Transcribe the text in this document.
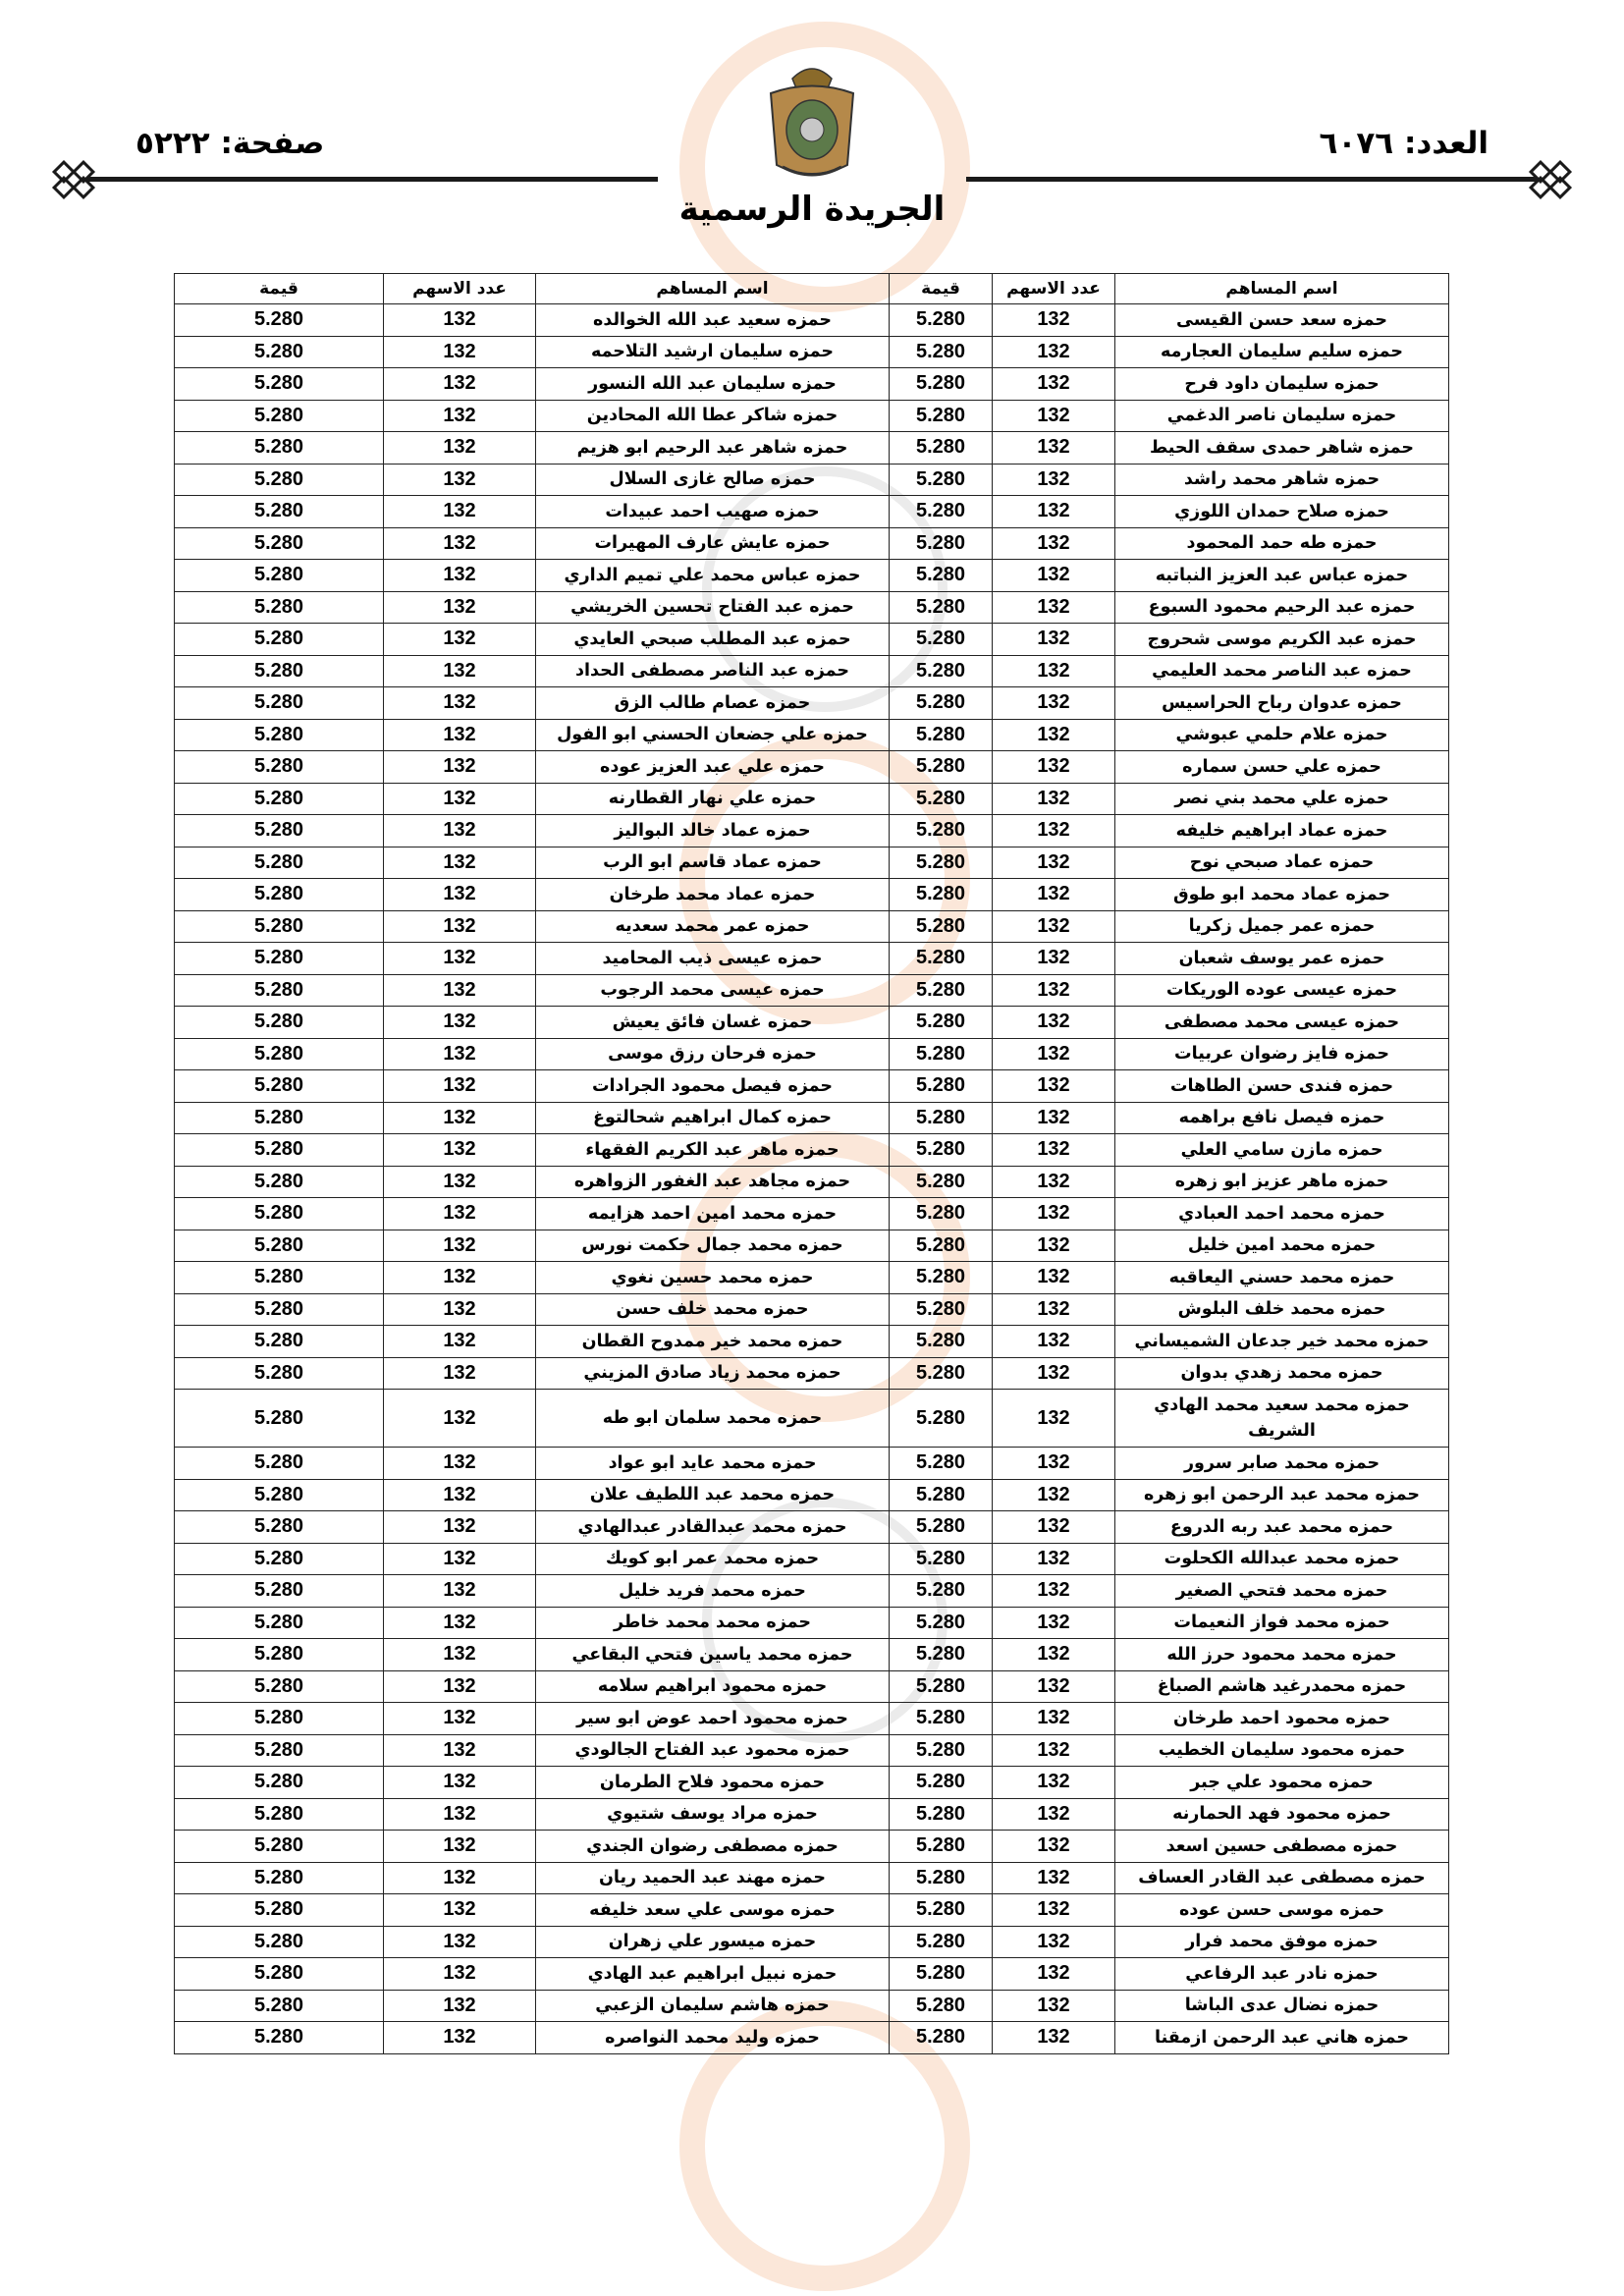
العدد: ٦٠٧٦
صفحة: ٥٢٢٢
الجريدة الرسمية
اسم المساهم	عدد الاسهم	قيمة	اسم المساهم	عدد الاسهم	قيمة
حمزه سعد حسن القيسى	132	5.280	حمزه سعيد عبد الله الخوالده	132	5.280
حمزه سليم سليمان العجارمه	132	5.280	حمزه سليمان ارشيد التلاحمه	132	5.280
حمزه سليمان داود فرح	132	5.280	حمزه سليمان عبد الله النسور	132	5.280
حمزه سليمان ناصر الدغمي	132	5.280	حمزه شاكر عطا الله المحادين	132	5.280
حمزه شاهر حمدى سقف الحيط	132	5.280	حمزه شاهر عبد الرحيم ابو هزيم	132	5.280
حمزه شاهر محمد راشد	132	5.280	حمزه صالح غازى السلال	132	5.280
حمزه صلاح حمدان اللوزي	132	5.280	حمزه صهيب احمد عبيدات	132	5.280
حمزه طه حمد المحمود	132	5.280	حمزه عايش عارف المهيرات	132	5.280
حمزه عباس عبد العزيز النباتبه	132	5.280	حمزه عباس محمد علي تميم الداري	132	5.280
حمزه عبد الرحيم محمود السبوع	132	5.280	حمزه عبد الفتاح تحسين الخريشي	132	5.280
حمزه عبد الكريم موسى شحروج	132	5.280	حمزه عبد المطلب صبحي العايدي	132	5.280
حمزه عبد الناصر محمد العليمي	132	5.280	حمزه عبد الناصر مصطفى الحداد	132	5.280
حمزه عدوان رباح الحراسيس	132	5.280	حمزه عصام طالب الزق	132	5.280
حمزه علام حلمي عبوشي	132	5.280	حمزه علي جضعان الحسني ابو الفول	132	5.280
حمزه علي حسن سماره	132	5.280	حمزه علي عبد العزيز عوده	132	5.280
حمزه علي محمد بني نصر	132	5.280	حمزه علي نهار القطارنه	132	5.280
حمزه عماد ابراهيم خليفه	132	5.280	حمزه عماد خالد البواليز	132	5.280
حمزه عماد صبحي نوح	132	5.280	حمزه عماد قاسم ابو الرب	132	5.280
حمزه عماد محمد ابو طوق	132	5.280	حمزه عماد محمد طرخان	132	5.280
حمزه عمر جميل زكريا	132	5.280	حمزه عمر محمد سعديه	132	5.280
حمزه عمر يوسف شعبان	132	5.280	حمزه عيسى ذيب المحاميد	132	5.280
حمزه عيسى عوده الوريكات	132	5.280	حمزه عيسى محمد الرجوب	132	5.280
حمزه عيسى محمد مصطفى	132	5.280	حمزه غسان فائق يعيش	132	5.280
حمزه فايز رضوان عربيات	132	5.280	حمزه فرحان رزق موسى	132	5.280
حمزه فندى حسن الطاهات	132	5.280	حمزه فيصل محمود الجرادات	132	5.280
حمزه فيصل نافع براهمه	132	5.280	حمزه كمال ابراهيم شحالتوغ	132	5.280
حمزه مازن سامي العلي	132	5.280	حمزه ماهر عبد الكريم الفقهاء	132	5.280
حمزه ماهر عزيز ابو زهره	132	5.280	حمزه مجاهد عبد الغفور الزواهره	132	5.280
حمزه محمد احمد العبادي	132	5.280	حمزه محمد امين احمد هزايمه	132	5.280
حمزه محمد امين خليل	132	5.280	حمزه محمد جمال حكمت نورس	132	5.280
حمزه محمد حسني اليعاقبه	132	5.280	حمزه محمد حسين نغوي	132	5.280
حمزه محمد خلف البلوش	132	5.280	حمزه محمد خلف حسن	132	5.280
حمزه محمد خير جدعان الشميساني	132	5.280	حمزه محمد خير ممدوح القطان	132	5.280
حمزه محمد زهدي بدوان	132	5.280	حمزه محمد زياد صادق المزيني	132	5.280
حمزه محمد سعيد محمد الهادي الشريف	132	5.280	حمزه محمد سلمان ابو طه	132	5.280
حمزه محمد صابر سرور	132	5.280	حمزه محمد عايد ابو عواد	132	5.280
حمزه محمد عبد الرحمن ابو زهره	132	5.280	حمزه محمد عبد اللطيف علان	132	5.280
حمزه محمد عبد ربه الدروع	132	5.280	حمزه محمد عبدالقادر عبدالهادي	132	5.280
حمزه محمد عبدالله الكحلوت	132	5.280	حمزه محمد عمر ابو كويك	132	5.280
حمزه محمد فتحي الصغير	132	5.280	حمزه محمد فريد خليل	132	5.280
حمزه محمد فواز النعيمات	132	5.280	حمزه محمد محمد خاطر	132	5.280
حمزه محمد محمود حرز الله	132	5.280	حمزه محمد ياسين فتحي البقاعي	132	5.280
حمزه محمدرغيد هاشم الصباغ	132	5.280	حمزه محمود ابراهيم سلامه	132	5.280
حمزه محمود احمد طرخان	132	5.280	حمزه محمود احمد عوض ابو سير	132	5.280
حمزه محمود سليمان الخطيب	132	5.280	حمزه محمود عبد الفتاح الجالودي	132	5.280
حمزه محمود علي جبر	132	5.280	حمزه محمود فلاح الطرمان	132	5.280
حمزه محمود فهد الحمارنه	132	5.280	حمزه مراد يوسف شتيوي	132	5.280
حمزه مصطفى حسين اسعد	132	5.280	حمزه مصطفى رضوان الجندي	132	5.280
حمزه مصطفى عبد القادر العساف	132	5.280	حمزه مهند عبد الحميد ريان	132	5.280
حمزه موسى حسن عوده	132	5.280	حمزه موسى علي سعد خليفه	132	5.280
حمزه موفق محمد فرار	132	5.280	حمزه ميسور علي زهران	132	5.280
حمزه نادر عبد الرفاعي	132	5.280	حمزه نبيل ابراهيم عبد الهادي	132	5.280
حمزه نضال عدى الباشا	132	5.280	حمزه هاشم سليمان الزعبي	132	5.280
حمزه هاني عبد الرحمن ازمقنا	132	5.280	حمزه وليد محمد النواصره	132	5.280
